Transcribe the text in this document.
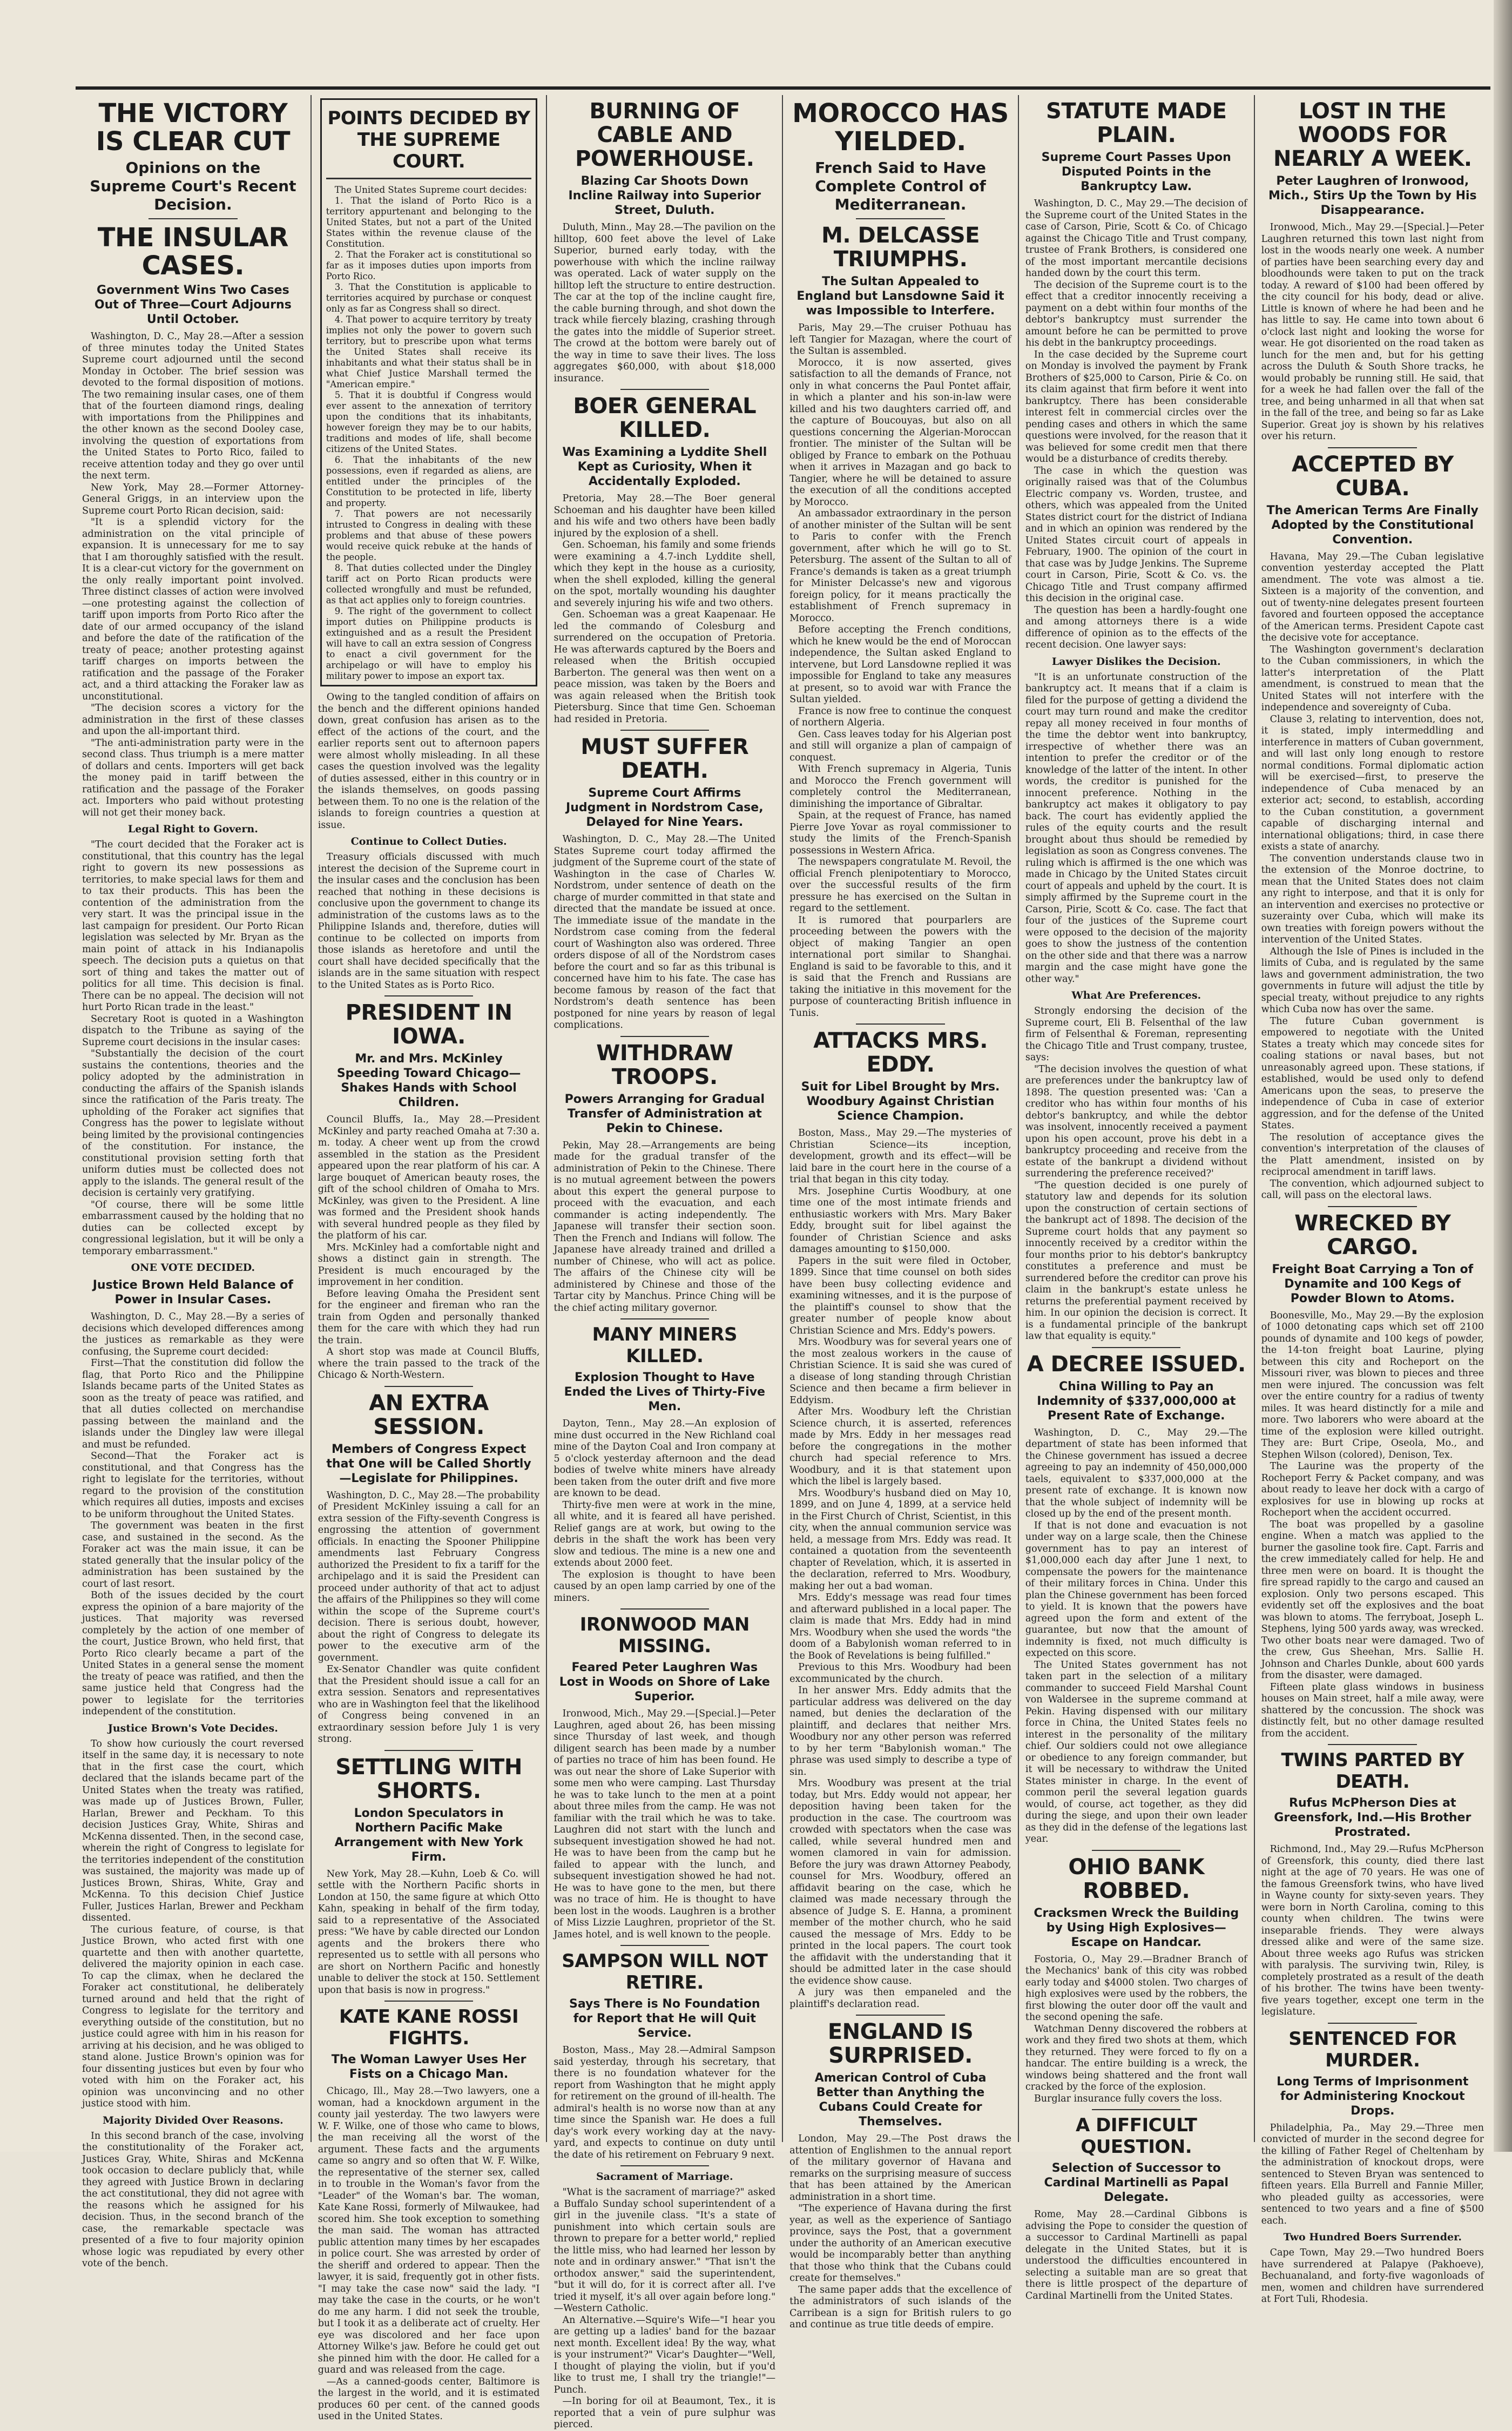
THE VICTORY IS CLEAR CUT
Opinions on the Supreme Court's Recent Decision.
THE INSULAR CASES.
Government Wins Two Cases Out of Three—Court Adjourns Until October.

Washington, D. C., May 28.—After a session of three minutes today the United States Supreme court adjourned until the second Monday in October. The brief session was devoted to the formal disposition of motions. The two remaining insular cases, one of them that of the fourteen diamond rings, dealing with importations from the Philippines and the other known as the second Dooley case, involving the question of exportations from the United States to Porto Rico, failed to receive attention today and they go over until the next term.

New York, May 28.—Former Attorney-General Griggs, in an interview upon the Supreme court Porto Rican decision, said:

"It is a splendid victory for the administration on the vital principle of expansion. It is unnecessary for me to say that I am thoroughly satisfied with the result. It is a clear-cut victory for the government on the only really important point involved. Three distinct classes of action were involved—one protesting against the collection of tariff upon imports from Porto Rico after the date of our armed occupancy of the island and before the date of the ratification of the treaty of peace; another protesting against tariff charges on imports between the ratification and the passage of the Foraker act, and a third attacking the Foraker law as unconstitutional.

"The decision scores a victory for the administration in the first of these classes and upon the all-important third.

"The anti-administration party were in the second class. Thus triumph is a mere matter of dollars and cents. Importers will get back the money paid in tariff between the ratification and the passage of the Foraker act. Importers who paid without protesting will not get their money back.

Legal Right to Govern.

"The court decided that the Foraker act is constitutional, that this country has the legal right to govern its new possessions as territories, to make special laws for them and to tax their products. This has been the contention of the administration from the very start. It was the principal issue in the last campaign for president. Our Porto Rican legislation was selected by Mr. Bryan as the main point of attack in his Indianapolis speech. The decision puts a quietus on that sort of thing and takes the matter out of politics for all time. This decision is final. There can be no appeal. The decision will not hurt Porto Rican trade in the least."

Secretary Root is quoted in a Washington dispatch to the Tribune as saying of the Supreme court decisions in the insular cases:

"Substantially the decision of the court sustains the contentions, theories and the policy adopted by the administration in conducting the affairs of the Spanish islands since the ratification of the Paris treaty. The upholding of the Foraker act signifies that Congress has the power to legislate without being limited by the provisional contingencies of the constitution. For instance, the constitutional provision setting forth that uniform duties must be collected does not apply to the islands. The general result of the decision is certainly very gratifying.

"Of course, there will be some little embarrassment caused by the holding that no duties can be collected except by congressional legislation, but it will be only a temporary embarrassment."

ONE VOTE DECIDED.
Justice Brown Held Balance of Power in Insular Cases.

Washington, D. C., May 28.—By a series of decisions which developed differences among the justices as remarkable as they were confusing, the Supreme court decided:

First—That the constitution did follow the flag, that Porto Rico and the Philippine Islands became parts of the United States as soon as the treaty of peace was ratified, and that all duties collected on merchandise passing between the mainland and the islands under the Dingley law were illegal and must be refunded.

Second—That the Foraker act is constitutional, and that Congress has the right to legislate for the territories, without regard to the provision of the constitution which requires all duties, imposts and excises to be uniform throughout the United States.

The government was beaten in the first case, and sustained in the second. As the Foraker act was the main issue, it can be stated generally that the insular policy of the administration has been sustained by the court of last resort.

Both of the issues decided by the court express the opinion of a bare majority of the justices. That majority was reversed completely by the action of one member of the court, Justice Brown, who held first, that Porto Rico clearly became a part of the United States in a general sense the moment the treaty of peace was ratified, and then the same justice held that Congress had the power to legislate for the territories independent of the constitution.

Justice Brown's Vote Decides.

To show how curiously the court reversed itself in the same day, it is necessary to note that in the first case the court, which declared that the islands became part of the United States when the treaty was ratified, was made up of Justices Brown, Fuller, Harlan, Brewer and Peckham. To this decision Justices Gray, White, Shiras and McKenna dissented. Then, in the second case, wherein the right of Congress to legislate for the territories independent of the constitution was sustained, the majority was made up of Justices Brown, Shiras, White, Gray and McKenna. To this decision Chief Justice Fuller, Justices Harlan, Brewer and Peckham dissented.

The curious feature, of course, is that Justice Brown, who acted first with one quartette and then with another quartette, delivered the majority opinion in each case. To cap the climax, when he declared the Foraker act constitutional, he deliberately turned around and held that the right of Congress to legislate for the territory and everything outside of the constitution, but no justice could agree with him in his reason for arriving at his decision, and he was obliged to stand alone. Justice Brown's opinion was for four dissenting justices but even by four who voted with him on the Foraker act, his opinion was unconvincing and no other justice stood with him.

Majority Divided Over Reasons.

In this second branch of the case, involving the constitutionality of the Foraker act, Justices Gray, White, Shiras and McKenna took occasion to declare publicly that, while they agreed with Justice Brown in declaring the act constitutional, they did not agree with the reasons which he assigned for his decision. Thus, in the second branch of the case, the remarkable spectacle was presented of a five to four majority opinion whose logic was repudiated by every other vote of the bench.

POINTS DECIDED BY THE SUPREME COURT.

The United States Supreme court decides:

1. That the island of Porto Rico is a territory appurtenant and belonging to the United States, but not a part of the United States within the revenue clause of the Constitution.

2. That the Foraker act is constitutional so far as it imposes duties upon imports from Porto Rico.

3. That the Constitution is applicable to territories acquired by purchase or conquest only as far as Congress shall so direct.

4. That power to acquire territory by treaty implies not only the power to govern such territory, but to prescribe upon what terms the United States shall receive its inhabitants and what their status shall be in what Chief Justice Marshall termed the "American empire."

5. That it is doubtful if Congress would ever assent to the annexation of territory upon the conditions that its inhabitants, however foreign they may be to our habits, traditions and modes of life, shall become citizens of the United States.

6. That the inhabitants of the new possessions, even if regarded as aliens, are entitled under the principles of the Constitution to be protected in life, liberty and property.

7. That powers are not necessarily intrusted to Congress in dealing with these problems and that abuse of these powers would receive quick rebuke at the hands of the people.

8. That duties collected under the Dingley tariff act on Porto Rican products were collected wrongfully and must be refunded, as that act applies only to foreign countries.

9. The right of the government to collect import duties on Philippine products is extinguished and as a result the President will have to call an extra session of Congress to enact a civil government for the archipelago or will have to employ his military power to impose an export tax.

Owing to the tangled condition of affairs on the bench and the different opinions handed down, great confusion has arisen as to the effect of the actions of the court, and the earlier reports sent out to afternoon papers were almost wholly misleading. In all these cases the question involved was the legality of duties assessed, either in this country or in the islands themselves, on goods passing between them. To no one is the relation of the islands to foreign countries a question at issue.

Continue to Collect Duties.

Treasury officials discussed with much interest the decision of the Supreme court in the insular cases and the conclusion has been reached that nothing in these decisions is conclusive upon the government to change its administration of the customs laws as to the Philippine Islands and, therefore, duties will continue to be collected on imports from those islands as heretofore and until the court shall have decided specifically that the islands are in the same situation with respect to the United States as is Porto Rico.

PRESIDENT IN IOWA.
Mr. and Mrs. McKinley Speeding Toward Chicago—Shakes Hands with School Children.

Council Bluffs, Ia., May 28.—President McKinley and party reached Omaha at 7:30 a. m. today. A cheer went up from the crowd assembled in the station as the President appeared upon the rear platform of his car. A large bouquet of American beauty roses, the gift of the school children of Omaha to Mrs. McKinley, was given to the President. A line was formed and the President shook hands with several hundred people as they filed by the platform of his car.

Mrs. McKinley had a comfortable night and shows a distinct gain in strength. The President is much encouraged by the improvement in her condition.

Before leaving Omaha the President sent for the engineer and fireman who ran the train from Ogden and personally thanked them for the care with which they had run the train.

A short stop was made at Council Bluffs, where the train passed to the track of the Chicago & North-Western.

AN EXTRA SESSION.
Members of Congress Expect that One will be Called Shortly—Legislate for Philippines.

Washington, D. C., May 28.—The probability of President McKinley issuing a call for an extra session of the Fifty-seventh Congress is engrossing the attention of government officials. In enacting the Spooner Philippine amendments last February Congress authorized the President to fix a tariff for the archipelago and it is said the President can proceed under authority of that act to adjust the affairs of the Philippines so they will come within the scope of the Supreme court's decision. There is serious doubt, however, about the right of Congress to delegate its power to the executive arm of the government.

Ex-Senator Chandler was quite confident that the President should issue a call for an extra session. Senators and representatives who are in Washington feel that the likelihood of Congress being convened in an extraordinary session before July 1 is very strong.

SETTLING WITH SHORTS.
London Speculators in Northern Pacific Make Arrangement with New York Firm.

New York, May 28.—Kuhn, Loeb & Co. will settle with the Northern Pacific shorts in London at 150, the same figure at which Otto Kahn, speaking in behalf of the firm today, said to a representative of the Associated press: "We have by cable directed our London agents and the brokers there who represented us to settle with all persons who are short on Northern Pacific and honestly unable to deliver the stock at 150. Settlement upon that basis is now in progress."

KATE KANE ROSSI FIGHTS.
The Woman Lawyer Uses Her Fists on a Chicago Man.

Chicago, Ill., May 28.—Two lawyers, one a woman, had a knockdown argument in the county jail yesterday. The two lawyers were W. F. Wilke, one of those who came to blows, the man receiving all the worst of the argument. These facts and the arguments came so angry and so often that W. F. Wilke, the representative of the sterner sex, called in to trouble in the Woman's favor from the "Leader" of the Woman's bar. The woman, Kate Kane Rossi, formerly of Milwaukee, had scored him. She took exception to something the man said. The woman has attracted public attention many times by her escapades in police court. She was arrested by order of the sheriff and ordered to appear. Then the lawyer, it is said, frequently got in other fists. "I may take the case now" said the lady. "I may take the case in the courts, or he won't do me any harm. I did not seek the trouble, but I took it as a deliberate act of cruelty. Her eye was discolored and her face upon Attorney Wilke's jaw. Before he could get out she pinned him with the door. He called for a guard and was released from the cage.

—As a canned-goods center, Baltimore is the largest in the world, and it is estimated produces 60 per cent. of the canned goods used in the United States.

BURNING OF CABLE AND POWERHOUSE.
Blazing Car Shoots Down Incline Railway into Superior Street, Duluth.

Duluth, Minn., May 28.—The pavilion on the hilltop, 600 feet above the level of Lake Superior, burned early today, with the powerhouse with which the incline railway was operated. Lack of water supply on the hilltop left the structure to entire destruction. The car at the top of the incline caught fire, the cable burning through, and shot down the track while fiercely blazing, crashing through the gates into the middle of Superior street. The crowd at the bottom were barely out of the way in time to save their lives. The loss aggregates $60,000, with about $18,000 insurance.

BOER GENERAL KILLED.
Was Examining a Lyddite Shell Kept as Curiosity, When it Accidentally Exploded.

Pretoria, May 28.—The Boer general Schoeman and his daughter have been killed and his wife and two others have been badly injured by the explosion of a shell.

Gen. Schoeman, his family and some friends were examining a 4.7-inch Lyddite shell, which they kept in the house as a curiosity, when the shell exploded, killing the general on the spot, mortally wounding his daughter and severely injuring his wife and two others.

Gen. Schoeman was a great Kaapenaar. He led the commando of Colesburg and surrendered on the occupation of Pretoria. He was afterwards captured by the Boers and released when the British occupied Barberton. The general was then went on a peace mission, was taken by the Boers and was again released when the British took Pietersburg. Since that time Gen. Schoeman had resided in Pretoria.

MUST SUFFER DEATH.
Supreme Court Affirms Judgment in Nordstrom Case, Delayed for Nine Years.

Washington, D. C., May 28.—The United States Supreme court today affirmed the judgment of the Supreme court of the state of Washington in the case of Charles W. Nordstrom, under sentence of death on the charge of murder committed in that state and directed that the mandate be issued at once. The immediate issue of the mandate in the Nordstrom case coming from the federal court of Washington also was ordered. Three orders dispose of all of the Nordstrom cases before the court and so far as this tribunal is concerned have him to his fate. The case has become famous by reason of the fact that Nordstrom's death sentence has been postponed for nine years by reason of legal complications.

WITHDRAW TROOPS.
Powers Arranging for Gradual Transfer of Administration at Pekin to Chinese.

Pekin, May 28.—Arrangements are being made for the gradual transfer of the administration of Pekin to the Chinese. There is no mutual agreement between the powers about this expert the general purpose to proceed with the evacuation, and each commander is acting independently. The Japanese will transfer their section soon. Then the French and Indians will follow. The Japanese have already trained and drilled a number of Chinese, who will act as police. The affairs of the Chinese city will be administered by Chinese and those of the Tartar city by Manchus. Prince Ching will be the chief acting military governor.

MANY MINERS KILLED.
Explosion Thought to Have Ended the Lives of Thirty-Five Men.

Dayton, Tenn., May 28.—An explosion of mine dust occurred in the New Richland coal mine of the Dayton Coal and Iron company at 5 o'clock yesterday afternoon and the dead bodies of twelve white miners have already been taken from the outer drift and five more are known to be dead.

Thirty-five men were at work in the mine, all white, and it is feared all have perished. Relief gangs are at work, but owing to the debris in the shaft the work has been very slow and tedious. The mine is a new one and extends about 2000 feet.

The explosion is thought to have been caused by an open lamp carried by one of the miners.

IRONWOOD MAN MISSING.
Feared Peter Laughren Was Lost in Woods on Shore of Lake Superior.

Ironwood, Mich., May 29.—[Special.]—Peter Laughren, aged about 26, has been missing since Thursday of last week, and though diligent search has been made by a number of parties no trace of him has been found. He was out near the shore of Lake Superior with some men who were camping. Last Thursday he was to take lunch to the men at a point about three miles from the camp. He was not familiar with the trail which he was to take. Laughren did not start with the lunch and subsequent investigation showed he had not. He was to have been from the camp but he failed to appear with the lunch, and subsequent investigation showed he had not. He was to have gone to the men, but there was no trace of him. He is thought to have been lost in the woods. Laughren is a brother of Miss Lizzie Laughren, proprietor of the St. James hotel, and is well known to the people.

SAMPSON WILL NOT RETIRE.
Says There is No Foundation for Report that He will Quit Service.

Boston, Mass., May 28.—Admiral Sampson said yesterday, through his secretary, that there is no foundation whatever for the report from Washington that he might apply for retirement on the ground of ill-health. The admiral's health is no worse now than at any time since the Spanish war. He does a full day's work every working day at the navy-yard, and expects to continue on duty until the date of his retirement on February 9 next.

Sacrament of Marriage.

"What is the sacrament of marriage?" asked a Buffalo Sunday school superintendent of a girl in the juvenile class. "It's a state of punishment into which certain souls are thrown to prepare for a better world," replied the little miss, who had learned her lesson by note and in ordinary answer." "That isn't the orthodox answer," said the superintendent, "but it will do, for it is correct after all. I've tried it myself, it's all over again before long." —Western Catholic.

An Alternative.—Squire's Wife—"I hear you are getting up a ladies' band for the bazaar next month. Excellent idea! By the way, what is your instrument?" Vicar's Daughter—"Well, I thought of playing the violin, but if you'd like to trust me, I shall try the triangle!"—Punch.

—In boring for oil at Beaumont, Tex., it is reported that a vein of pure sulphur was pierced.

MOROCCO HAS YIELDED.
French Said to Have Complete Control of Mediterranean.
M. DELCASSE TRIUMPHS.
The Sultan Appealed to England but Lansdowne Said it was Impossible to Interfere.

Paris, May 29.—The cruiser Pothuau has left Tangier for Mazagan, where the court of the Sultan is assembled.

Morocco, it is now asserted, gives satisfaction to all the demands of France, not only in what concerns the Paul Pontet affair, in which a planter and his son-in-law were killed and his two daughters carried off, and the capture of Boucouyas, but also on all questions concerning the Algerian-Moroccan frontier. The minister of the Sultan will be obliged by France to embark on the Pothuau when it arrives in Mazagan and go back to Tangier, where he will be detained to assure the execution of all the conditions accepted by Morocco.

An ambassador extraordinary in the person of another minister of the Sultan will be sent to Paris to confer with the French government, after which he will go to St. Petersburg. The assent of the Sultan to all of France's demands is taken as a great triumph for Minister Delcasse's new and vigorous foreign policy, for it means practically the establishment of French supremacy in Morocco.

Before accepting the French conditions, which he knew would be the end of Moroccan independence, the Sultan asked England to intervene, but Lord Lansdowne replied it was impossible for England to take any measures at present, so to avoid war with France the Sultan yielded.

France is now free to continue the conquest of northern Algeria.

Gen. Cass leaves today for his Algerian post and still will organize a plan of campaign of conquest.

With French supremacy in Algeria, Tunis and Morocco the French government will completely control the Mediterranean, diminishing the importance of Gibraltar.

Spain, at the request of France, has named Pierre Jove Yovar as royal commissioner to study the limits of the French-Spanish possessions in Western Africa.

The newspapers congratulate M. Revoil, the official French plenipotentiary to Morocco, over the successful results of the firm pressure he has exercised on the Sultan in regard to the settlement.

It is rumored that pourparlers are proceeding between the powers with the object of making Tangier an open international port similar to Shanghai. England is said to be favorable to this, and it is said that the French and Russians are taking the initiative in this movement for the purpose of counteracting British influence in Tunis.

ATTACKS MRS. EDDY.
Suit for Libel Brought by Mrs. Woodbury Against Christian Science Champion.

Boston, Mass., May 29.—The mysteries of Christian Science—its inception, development, growth and its effect—will be laid bare in the court here in the course of a trial that began in this city today.

Mrs. Josephine Curtis Woodbury, at one time one of the most intimate friends and enthusiastic workers with Mrs. Mary Baker Eddy, brought suit for libel against the founder of Christian Science and asks damages amounting to $150,000.

Papers in the suit were filed in October, 1899. Since that time counsel on both sides have been busy collecting evidence and examining witnesses, and it is the purpose of the plaintiff's counsel to show that the greater number of people know about Christian Science and Mrs. Eddy's powers.

Mrs. Woodbury was for several years one of the most zealous workers in the cause of Christian Science. It is said she was cured of a disease of long standing through Christian Science and then became a firm believer in Eddyism.

After Mrs. Woodbury left the Christian Science church, it is asserted, references made by Mrs. Eddy in her messages read before the congregations in the mother church had special reference to Mrs. Woodbury, and it is that statement upon which the libel is largely based.

Mrs. Woodbury's husband died on May 10, 1899, and on June 4, 1899, at a service held in the First Church of Christ, Scientist, in this city, when the annual communion service was held, a message from Mrs. Eddy was read. It contained a quotation from the seventeenth chapter of Revelation, which, it is asserted in the declaration, referred to Mrs. Woodbury, making her out a bad woman.

Mrs. Eddy's message was read four times and afterward published in a local paper. The claim is made that Mrs. Eddy had in mind Mrs. Woodbury when she used the words "the doom of a Babylonish woman referred to in the Book of Revelations is being fulfilled."

Previous to this Mrs. Woodbury had been excommunicated by the church.

In her answer Mrs. Eddy admits that the particular address was delivered on the day named, but denies the declaration of the plaintiff, and declares that neither Mrs. Woodbury nor any other person was referred to by her term "Babylonish woman." The phrase was used simply to describe a type of sin.

Mrs. Woodbury was present at the trial today, but Mrs. Eddy would not appear, her deposition having been taken for the production in the case. The courtroom was crowded with spectators when the case was called, while several hundred men and women clamored in vain for admission. Before the jury was drawn Attorney Peabody, counsel for Mrs. Woodbury, offered an affidavit bearing on the case, which he claimed was made necessary through the absence of Judge S. E. Hanna, a prominent member of the mother church, who he said caused the message of Mrs. Eddy to be printed in the local papers. The court took the affidavit with the understanding that it should be admitted later in the case should the evidence show cause.

A jury was then empaneled and the plaintiff's declaration read.

ENGLAND IS SURPRISED.
American Control of Cuba Better than Anything the Cubans Could Create for Themselves.

London, May 29.—The Post draws the attention of Englishmen to the annual report of the military governor of Havana and remarks on the surprising measure of success that has been attained by the American administration in a short time.

"The experience of Havana during the first year, as well as the experience of Santiago province, says the Post, that a government under the authority of an American executive would be incomparably better than anything that those who think that the Cubans could create for themselves."

The same paper adds that the excellence of the administrators of such islands of the Carribean is a sign for British rulers to go and continue as true title deeds of empire.

STATUTE MADE PLAIN.
Supreme Court Passes Upon Disputed Points in the Bankruptcy Law.

Washington, D. C., May 29.—The decision of the Supreme court of the United States in the case of Carson, Pirie, Scott & Co. of Chicago against the Chicago Title and Trust company, trustee of Frank Brothers, is considered one of the most important mercantile decisions handed down by the court this term.

The decision of the Supreme court is to the effect that a creditor innocently receiving a payment on a debt within four months of the debtor's bankruptcy must surrender the amount before he can be permitted to prove his debt in the bankruptcy proceedings.

In the case decided by the Supreme court on Monday is involved the payment by Frank Brothers of $25,000 to Carson, Pirie & Co. on its claim against that firm before it went into bankruptcy. There has been considerable interest felt in commercial circles over the pending cases and others in which the same questions were involved, for the reason that it was believed for some credit men that there would be a disturbance of credits thereby.

The case in which the question was originally raised was that of the Columbus Electric company vs. Worden, trustee, and others, which was appealed from the United States district court for the district of Indiana and in which an opinion was rendered by the United States circuit court of appeals in February, 1900. The opinion of the court in that case was by Judge Jenkins. The Supreme court in Carson, Pirie, Scott & Co. vs. the Chicago Title and Trust company affirmed this decision in the original case.

The question has been a hardly-fought one and among attorneys there is a wide difference of opinion as to the effects of the recent decision. One lawyer says:

Lawyer Dislikes the Decision.

"It is an unfortunate construction of the bankruptcy act. It means that if a claim is filed for the purpose of getting a dividend the court may turn round and make the creditor repay all money received in four months of the time the debtor went into bankruptcy, irrespective of whether there was an intention to prefer the creditor or of the knowledge of the latter of the intent. In other words, the creditor is punished for the innocent preference. Nothing in the bankruptcy act makes it obligatory to pay back. The court has evidently applied the rules of the equity courts and the result brought about thus should be remedied by legislation as soon as Congress convenes. The ruling which is affirmed is the one which was made in Chicago by the United States circuit court of appeals and upheld by the court. It is simply affirmed by the Supreme court in the Carson, Pirie, Scott & Co. case. The fact that four of the justices of the Supreme court were opposed to the decision of the majority goes to show the justness of the contention on the other side and that there was a narrow margin and the case might have gone the other way."

What Are Preferences.

Strongly endorsing the decision of the Supreme court, Eli B. Felsenthal of the law firm of Felsenthal & Foreman, representing the Chicago Title and Trust company, trustee, says:

"The decision involves the question of what are preferences under the bankruptcy law of 1898. The question presented was: 'Can a creditor who has within four months of his debtor's bankruptcy, and while the debtor was insolvent, innocently received a payment upon his open account, prove his debt in a bankruptcy proceeding and receive from the estate of the bankrupt a dividend without surrendering the preference received?'

"The question decided is one purely of statutory law and depends for its solution upon the construction of certain sections of the bankrupt act of 1898. The decision of the Supreme court holds that any payment so innocently received by a creditor within the four months prior to his debtor's bankruptcy constitutes a preference and must be surrendered before the creditor can prove his claim in the bankrupt's estate unless he returns the preferential payment received by him. In our opinion the decision is correct. It is a fundamental principle of the bankrupt law that equality is equity."

A DECREE ISSUED.
China Willing to Pay an Indemnity of $337,000,000 at Present Rate of Exchange.

Washington, D. C., May 29.—The department of state has been informed that the Chinese government has issued a decree agreeing to pay an indemnity of 450,000,000 taels, equivalent to $337,000,000 at the present rate of exchange. It is known now that the whole subject of indemnity will be closed up by the end of the present month.

If that is not done and evacuation is not under way on a large scale, then the Chinese government has to pay an interest of $1,000,000 each day after June 1 next, to compensate the powers for the maintenance of their military forces in China. Under this plan the Chinese government has been forced to yield. It is known that the powers have agreed upon the form and extent of the guarantee, but now that the amount of indemnity is fixed, not much difficulty is expected on this score.

The United States government has not taken part in the selection of a military commander to succeed Field Marshal Count von Waldersee in the supreme command at Pekin. Having dispensed with our military force in China, the United States feels no interest in the personality of the military chief. Our soldiers could not owe allegiance or obedience to any foreign commander, but it will be necessary to withdraw the United States minister in charge. In the event of common peril the several legation guards would, of course, act together, as they did during the siege, and upon their own leader as they did in the defense of the legations last year.

OHIO BANK ROBBED.
Cracksmen Wreck the Building by Using High Explosives—Escape on Handcar.

Fostoria, O., May 29.—Bradner Branch of the Mechanics' bank of this city was robbed early today and $4000 stolen. Two charges of high explosives were used by the robbers, the first blowing the outer door off the vault and the second opening the safe.

Watchman Denny discovered the robbers at work and they fired two shots at them, which they returned. They were forced to fly on a handcar. The entire building is a wreck, the windows being shattered and the front wall cracked by the force of the explosion.

Burglar insurance fully covers the loss.

A DIFFICULT QUESTION.
Selection of Successor to Cardinal Martinelli as Papal Delegate.

Rome, May 28.—Cardinal Gibbons is advising the Pope to consider the question of a successor to Cardinal Martinelli as papal delegate in the United States, but it is understood the difficulties encountered in selecting a suitable man are so great that there is little prospect of the departure of Cardinal Martinelli from the United States.

LOST IN THE WOODS FOR NEARLY A WEEK.
Peter Laughren of Ironwood, Mich., Stirs Up the Town by His Disappearance.

Ironwood, Mich., May 29.—[Special.]—Peter Laughren returned this town last night from lost in the woods nearly one week. A number of parties have been searching every day and bloodhounds were taken to put on the track today. A reward of $100 had been offered by the city council for his body, dead or alive. Little is known of where he had been and he has little to say. He came into town about 6 o'clock last night and looking the worse for wear. He got disoriented on the road taken as lunch for the men and, but for his getting across the Duluth & South Shore tracks, he would probably be running still. He said, that for a week he had fallen over the fall of the tree, and being unharmed in all that when sat in the fall of the tree, and being so far as Lake Superior. Great joy is shown by his relatives over his return.

ACCEPTED BY CUBA.
The American Terms Are Finally Adopted by the Constitutional Convention.

Havana, May 29.—The Cuban legislative convention yesterday accepted the Platt amendment. The vote was almost a tie. Sixteen is a majority of the convention, and out of twenty-nine delegates present fourteen favored and fourteen opposed the acceptance of the American terms. President Capote cast the decisive vote for acceptance.

The Washington government's declaration to the Cuban commissioners, in which the latter's interpretation of the Platt amendment, is construed to mean that the United States will not interfere with the independence and sovereignty of Cuba.

Clause 3, relating to intervention, does not, it is stated, imply intermeddling and interference in matters of Cuban government, and will last only long enough to restore normal conditions. Formal diplomatic action will be exercised—first, to preserve the independence of Cuba menaced by an exterior act; second, to establish, according to the Cuban constitution, a government capable of discharging internal and international obligations; third, in case there exists a state of anarchy.

The convention understands clause two in the extension of the Monroe doctrine, to mean that the United States does not claim any right to interpose, and that it is only for an intervention and exercises no protective or suzerainty over Cuba, which will make its own treaties with foreign powers without the intervention of the United States.

Although the Isle of Pines is included in the limits of Cuba, and is regulated by the same laws and government administration, the two governments in future will adjust the title by special treaty, without prejudice to any rights which Cuba now has over the same.

The future Cuban government is empowered to negotiate with the United States a treaty which may concede sites for coaling stations or naval bases, but not unreasonably agreed upon. These stations, if established, would be used only to defend Americans upon the seas, to preserve the independence of Cuba in case of exterior aggression, and for the defense of the United States.

The resolution of acceptance gives the convention's interpretation of the clauses of the Platt amendment, insisted on by reciprocal amendment in tariff laws.

The convention, which adjourned subject to call, will pass on the electoral laws.

WRECKED BY CARGO.
Freight Boat Carrying a Ton of Dynamite and 100 Kegs of Powder Blown to Atoms.

Boonesville, Mo., May 29.—By the explosion of 1000 detonating caps which set off 2100 pounds of dynamite and 100 kegs of powder, the 14-ton freight boat Laurine, plying between this city and Rocheport on the Missouri river, was blown to pieces and three men were injured. The concussion was felt over the entire country for a radius of twenty miles. It was heard distinctly for a mile and more. Two laborers who were aboard at the time of the explosion were killed outright. They are: Burt Cripe, Oseola, Mo., and Stephen Wilson (colored), Denison, Tex.

The Laurine was the property of the Rocheport Ferry & Packet company, and was about ready to leave her dock with a cargo of explosives for use in blowing up rocks at Rocheport when the accident occurred.

The boat was propelled by a gasoline engine. When a match was applied to the burner the gasoline took fire. Capt. Farris and the crew immediately called for help. He and three men were on board. It is thought the fire spread rapidly to the cargo and caused an explosion. Only two persons escaped. This evidently set off the explosives and the boat was blown to atoms. The ferryboat, Joseph L. Stephens, lying 500 yards away, was wrecked. Two other boats near were damaged. Two of the crew, Gus Sheehan, Mrs. Sallie H. Johnson and Charles Dunkle, about 600 yards from the disaster, were damaged.

Fifteen plate glass windows in business houses on Main street, half a mile away, were shattered by the concussion. The shock was distinctly felt, but no other damage resulted from the accident.

TWINS PARTED BY DEATH.
Rufus McPherson Dies at Greensfork, Ind.—His Brother Prostrated.

Richmond, Ind., May 29.—Rufus McPherson of Greensfork, this county, died there last night at the age of 70 years. He was one of the famous Greensfork twins, who have lived in Wayne county for sixty-seven years. They were born in North Carolina, coming to this county when children. The twins were inseparable friends. They were always dressed alike and were of the same size. About three weeks ago Rufus was stricken with paralysis. The surviving twin, Riley, is completely prostrated as a result of the death of his brother. The twins have been twenty-five years together, except one term in the legislature.

SENTENCED FOR MURDER.
Long Terms of Imprisonment for Administering Knockout Drops.

Philadelphia, Pa., May 29.—Three men convicted of murder in the second degree for the killing of Father Regel of Cheltenham by the administration of knockout drops, were sentenced to Steven Bryan was sentenced to fifteen years. Ella Burrell and Fannie Miller, who pleaded guilty as accessories, were sentenced to two years and a fine of $500 each.

Two Hundred Boers Surrender.

Cape Town, May 29.—Two hundred Boers have surrendered at Palapye (Pakhoeve), Bechuanaland, and forty-five wagonloads of men, women and children have surrendered at Fort Tuli, Rhodesia.
